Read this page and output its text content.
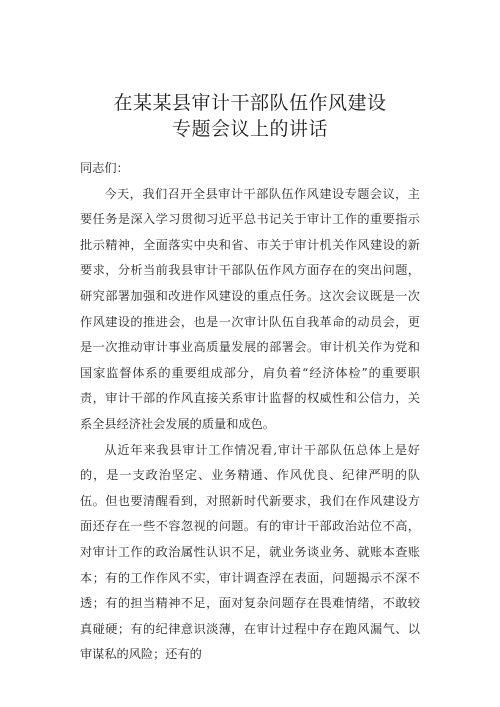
在某某县审计干部队伍作风建设
专题会议上的讲话

同志们：

今天，我们召开全县审计干部队伍作风建设专题会议，主要任务是深入学习贯彻习近平总书记关于审计工作的重要指示批示精神，全面落实中央和省、市关于审计机关作风建设的新要求，分析当前我县审计干部队伍作风方面存在的突出问题，研究部署加强和改进作风建设的重点任务。这次会议既是一次作风建设的推进会，也是一次审计队伍自我革命的动员会，更是一次推动审计事业高质量发展的部署会。审计机关作为党和国家监督体系的重要组成部分，肩负着“经济体检”的重要职责，审计干部的作风直接关系审计监督的权威性和公信力，关系全县经济社会发展的质量和成色。

从近年来我县审计工作情况看,审计干部队伍总体上是好的，是一支政治坚定、业务精通、作风优良、纪律严明的队伍。但也要清醒看到，对照新时代新要求，我们在作风建设方面还存在一些不容忽视的问题。有的审计干部政治站位不高，对审计工作的政治属性认识不足，就业务谈业务、就账本查账本；有的工作作风不实，审计调查浮在表面，问题揭示不深不透；有的担当精神不足，面对复杂问题存在畏难情绪，不敢较真碰硬；有的纪律意识淡薄，在审计过程中存在跑风漏气、以审谋私的风险；还有的
